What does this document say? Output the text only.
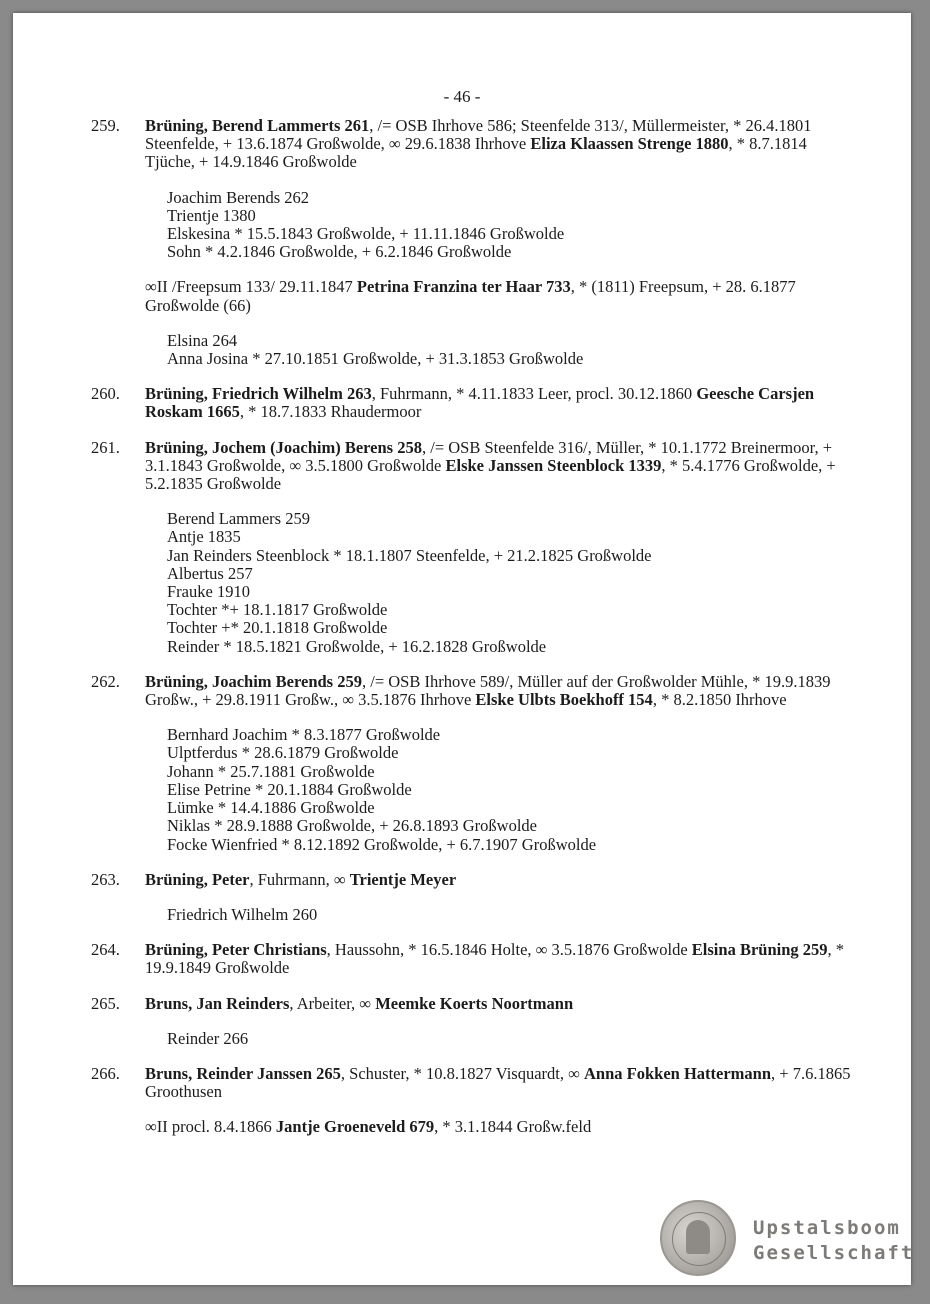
- 46 -
259. Brüning, Berend Lammerts 261, /= OSB Ihrhove 586; Steenfelde 313/, Müllermeister, * 26.4.1801 Steenfelde, + 13.6.1874 Großwolde, ∞ 29.6.1838 Ihrhove Eliza Klaassen Strenge 1880, * 8.7.1814 Tjüche, + 14.9.1846 Großwolde
Joachim Berends 262
Trientje 1380
Elskesina * 15.5.1843 Großwolde, + 11.11.1846 Großwolde
Sohn * 4.2.1846 Großwolde, + 6.2.1846 Großwolde
∞II /Freepsum 133/ 29.11.1847 Petrina Franzina ter Haar 733, * (1811) Freepsum, + 28. 6.1877 Großwolde (66)
Elsina 264
Anna Josina * 27.10.1851 Großwolde, + 31.3.1853 Großwolde
260. Brüning, Friedrich Wilhelm 263, Fuhrmann, * 4.11.1833 Leer, procl. 30.12.1860 Geesche Carsjen Roskam 1665, * 18.7.1833 Rhaudermoor
261. Brüning, Jochem (Joachim) Berens 258, /= OSB Steenfelde 316/, Müller, * 10.1.1772 Breinermoor, + 3.1.1843 Großwolde, ∞ 3.5.1800 Großwolde Elske Janssen Steenblock 1339, * 5.4.1776 Großwolde, + 5.2.1835 Großwolde
Berend Lammers 259
Antje 1835
Jan Reinders Steenblock * 18.1.1807 Steenfelde, + 21.2.1825 Großwolde
Albertus 257
Frauke 1910
Tochter *+ 18.1.1817 Großwolde
Tochter +* 20.1.1818 Großwolde
Reinder * 18.5.1821 Großwolde, + 16.2.1828 Großwolde
262. Brüning, Joachim Berends 259, /= OSB Ihrhove 589/, Müller auf der Großwolder Mühle, * 19.9.1839 Großw., + 29.8.1911 Großw., ∞ 3.5.1876 Ihrhove Elske Ulbts Boekhoff 154, * 8.2.1850 Ihrhove
Bernhard Joachim * 8.3.1877 Großwolde
Ulptferdus * 28.6.1879 Großwolde
Johann * 25.7.1881 Großwolde
Elise Petrine * 20.1.1884 Großwolde
Lümke * 14.4.1886 Großwolde
Niklas * 28.9.1888 Großwolde, + 26.8.1893 Großwolde
Focke Wienfried * 8.12.1892 Großwolde, + 6.7.1907 Großwolde
263. Brüning, Peter, Fuhrmann, ∞ Trientje Meyer
Friedrich Wilhelm 260
264. Brüning, Peter Christians, Haussohn, * 16.5.1846 Holte, ∞ 3.5.1876 Großwolde Elsina Brüning 259, * 19.9.1849 Großwolde
265. Bruns, Jan Reinders, Arbeiter, ∞ Meemke Koerts Noortmann
Reinder 266
266. Bruns, Reinder Janssen 265, Schuster, * 10.8.1827 Visquardt, ∞ Anna Fokken Hattermann, + 7.6.1865 Groothusen
∞II procl. 8.4.1866 Jantje Groeneveld 679, * 3.1.1844 Großw.feld
Upstalsboom
Gesellschaft
